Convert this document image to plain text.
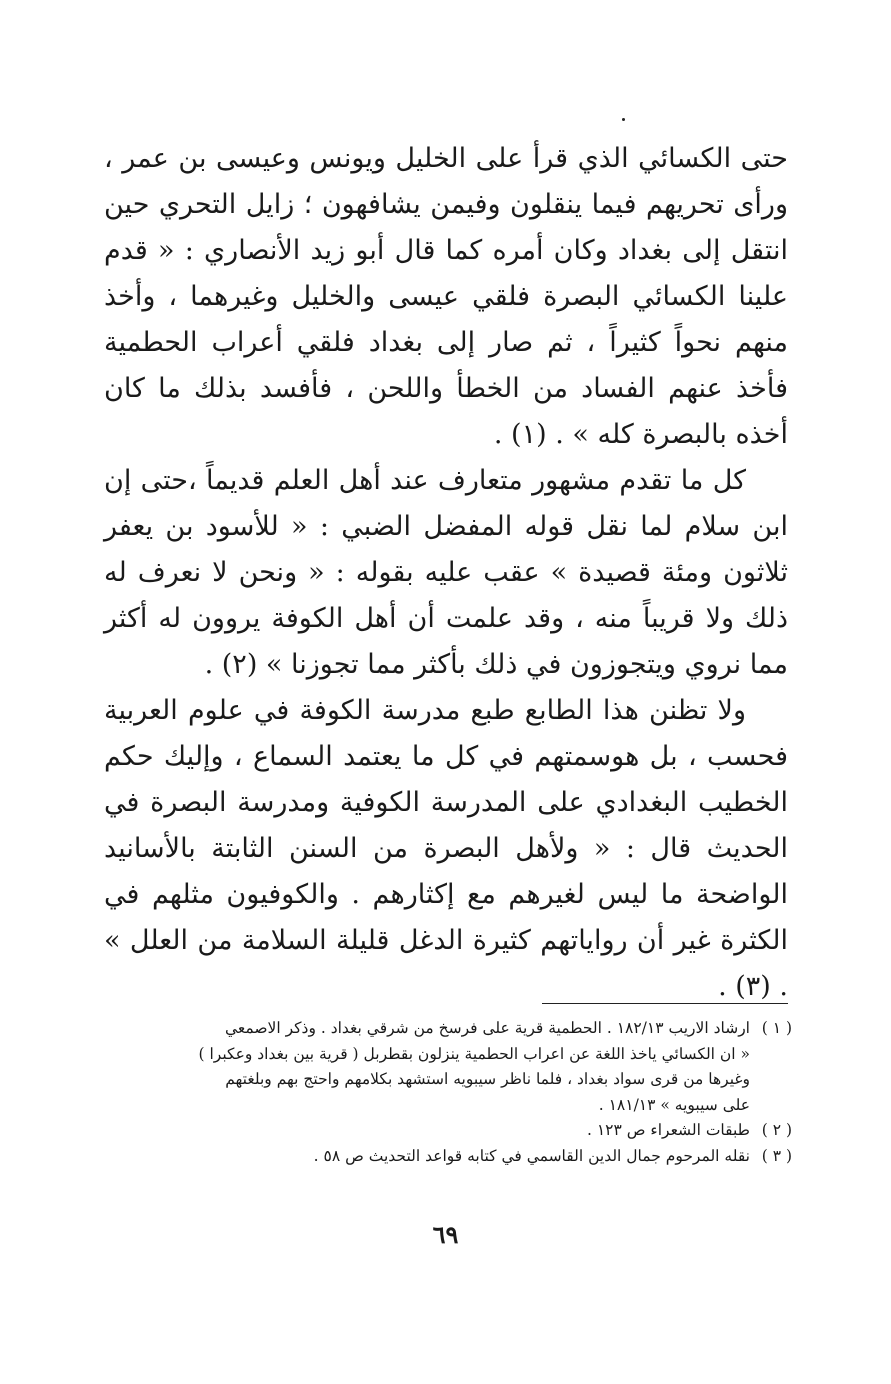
حتى الكسائي الذي قرأ على الخليل ويونس وعيسى بن عمر ، ورأى تحريهم فيما ينقلون وفيمن يشافهون ؛ زايل التحري حين انتقل إلى بغداد وكان أمره كما قال أبو زيد الأنصاري : « قدم علينا الكسائي البصرة فلقي عيسى والخليل وغيرهما ، وأخذ منهم نحواً كثيراً ، ثم صار إلى بغداد فلقي أعراب الحطمية فأخذ عنهم الفساد من الخطأ واللحن ، فأفسد بذلك ما كان أخذه بالبصرة كله » . (١) .

كل ما تقدم مشهور متعارف عند أهل العلم قديماً ،حتى إن ابن سلام لما نقل قوله المفضل الضبي : « للأسود بن يعفر ثلاثون ومئة قصيدة » عقب عليه بقوله : « ونحن لا نعرف له ذلك ولا قريباً منه ، وقد علمت أن أهل الكوفة يروون له أكثر مما نروي ويتجوزون في ذلك بأكثر مما تجوزنا » (٢) .

ولا تظنن هذا الطابع طبع مدرسة الكوفة في علوم العربية فحسب ، بل هوسمتهم في كل ما يعتمد السماع ، وإليك حكم الخطيب البغدادي على المدرسة الكوفية ومدرسة البصرة في الحديث قال : « ولأهل البصرة من السنن الثابتة بالأسانيد الواضحة ما ليس لغيرهم مع إكثارهم . والكوفيون مثلهم في الكثرة غير أن رواياتهم كثيرة الدغل قليلة السلامة من العلل » . (٣) .

( ١ )
ارشاد الاريب ١٨٢/١٣ . الحطمية قرية على فرسخ من شرقي بغداد . وذكر الاصمعي
« ان الكسائي ياخذ اللغة عن اعراب الحطمية ينزلون بقطربل ( قرية بين بغداد وعكبرا )
وغيرها من قرى سواد بغداد ، فلما ناظر سيبويه استشهد بكلامهم واحتج بهم وبلغتهم
على سيبويه » ١٨١/١٣ .
( ٢ )
طبقات الشعراء ص ١٢٣ .
( ٣ )
نقله المرحوم جمال الدين القاسمي في كتابه قواعد التحديث ص ٥٨ .
٦٩
